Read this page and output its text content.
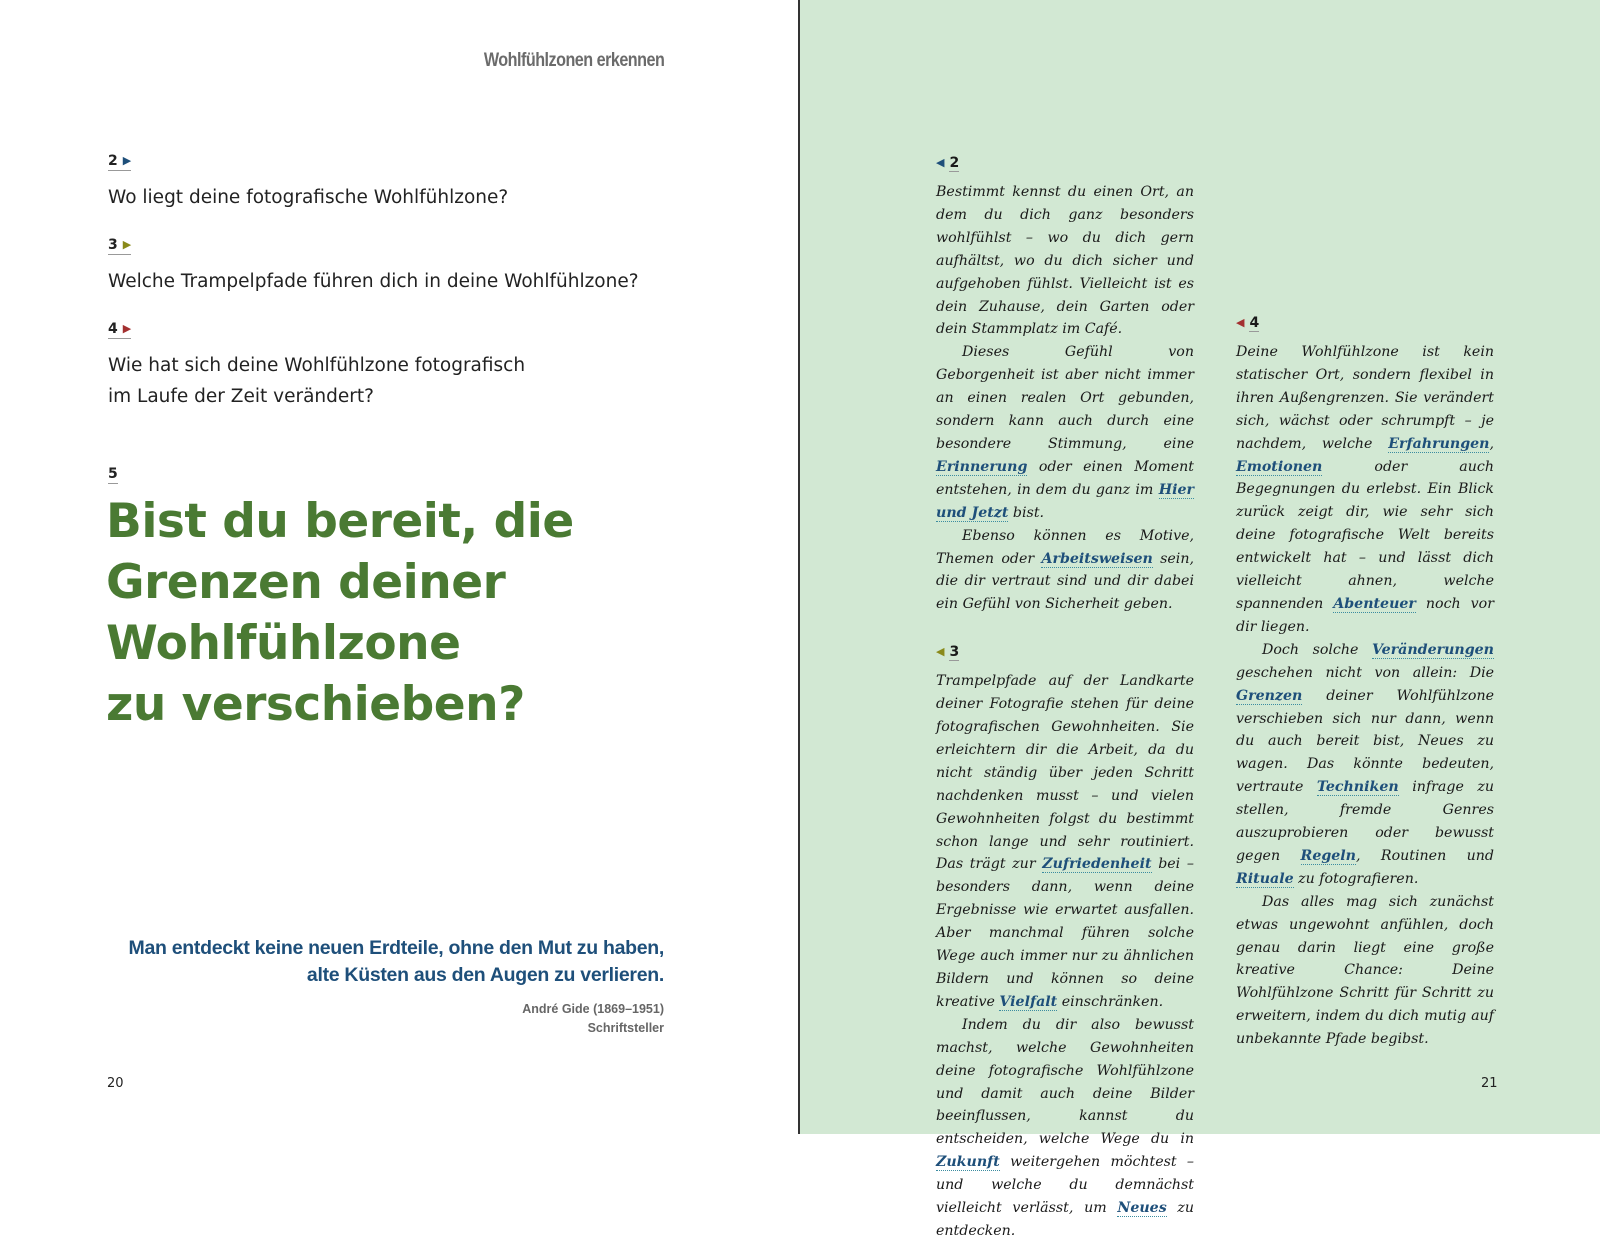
Wohlfühlzonen erkennen
2 ▶
Wo liegt deine fotografische Wohlfühlzone?
3 ▶
Welche Trampelpfade führen dich in deine Wohlfühlzone?
4 ▶
Wie hat sich deine Wohlfühlzone fotografisch
im Laufe der Zeit verändert?
5
Bist du bereit, die
Grenzen deiner
Wohlfühlzone
zu verschieben?
Man entdeckt keine neuen Erdteile, ohne den Mut zu haben,
alte Küsten aus den Augen zu verlieren.
André Gide (1869–1951)
Schriftsteller
20
◀ 2

Bestimmt kennst du einen Ort, an dem du dich ganz besonders wohlfühlst – wo du dich gern aufhältst, wo du dich sicher und aufgehoben fühlst. Vielleicht ist es dein Zuhause, dein Garten oder dein Stammplatz im Café.

Dieses Gefühl von Geborgenheit ist aber nicht immer an einen realen Ort gebunden, sondern kann auch durch eine besondere Stimmung, eine Erinnerung oder einen Moment entstehen, in dem du ganz im Hier und Jetzt bist.

Ebenso können es Motive, Themen oder Arbeitsweisen sein, die dir vertraut sind und dir dabei ein Gefühl von Sicherheit geben.

◀ 3

Trampelpfade auf der Landkarte deiner Fotografie stehen für deine fotografischen Gewohnheiten. Sie erleichtern dir die Arbeit, da du nicht ständig über jeden Schritt nachdenken musst – und vielen Gewohnheiten folgst du bestimmt schon lange und sehr routiniert. Das trägt zur Zufriedenheit bei – besonders dann, wenn deine Ergebnisse wie erwartet ausfallen. Aber manchmal führen solche Wege auch immer nur zu ähnlichen Bildern und können so deine kreative Vielfalt einschränken.

Indem du dir also bewusst machst, welche Gewohnheiten deine fotografische Wohlfühlzone und damit auch deine Bilder beeinflussen, kannst du entscheiden, welche Wege du in Zukunft weitergehen möchtest – und welche du demnächst vielleicht verlässt, um Neues zu entdecken.

◀ 4

Deine Wohlfühlzone ist kein statischer Ort, sondern flexibel in ihren Außengrenzen. Sie verändert sich, wächst oder schrumpft – je nachdem, welche Erfahrungen, Emotionen oder auch Begegnungen du erlebst. Ein Blick zurück zeigt dir, wie sehr sich deine fotografische Welt bereits entwickelt hat – und lässt dich vielleicht ahnen, welche spannenden Abenteuer noch vor dir liegen.

Doch solche Veränderungen geschehen nicht von allein: Die Grenzen deiner Wohlfühlzone verschieben sich nur dann, wenn du auch bereit bist, Neues zu wagen. Das könnte bedeuten, vertraute Techniken infrage zu stellen, fremde Genres auszuprobieren oder bewusst gegen Regeln, Routinen und Rituale zu fotografieren.

Das alles mag sich zunächst etwas ungewohnt anfühlen, doch genau darin liegt eine große kreative Chance: Deine Wohlfühlzone Schritt für Schritt zu erweitern, indem du dich mutig auf unbekannte Pfade begibst.

21
